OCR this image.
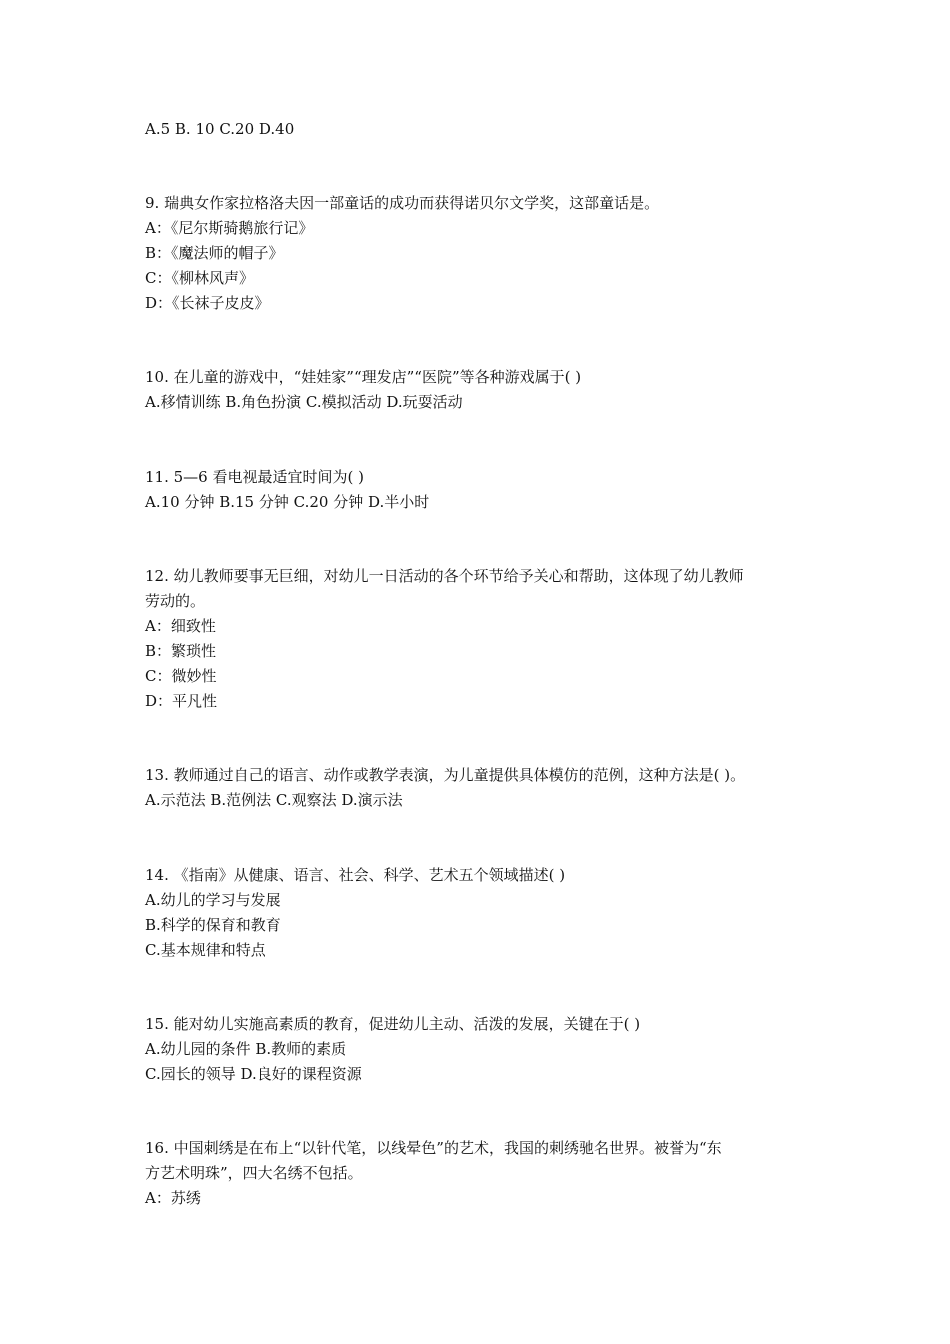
A.5 B. 10 C.20 D.40
9. 瑞典女作家拉格洛夫因一部童话的成功而获得诺贝尔文学奖，这部童话是。
A：《尼尔斯骑鹅旅行记》
B：《魔法师的帽子》
C：《柳林风声》
D：《长袜子皮皮》
10. 在儿童的游戏中，“娃娃家”“理发店”“医院”等各种游戏属于( )
A.移情训练 B.角色扮演 C.模拟活动 D.玩耍活动
11. 5—6 看电视最适宜时间为( )
A.10 分钟 B.15 分钟 C.20 分钟 D.半小时
12. 幼儿教师要事无巨细，对幼儿一日活动的各个环节给予关心和帮助，这体现了幼儿教师
劳动的。
A：细致性
B：繁琐性
C：微妙性
D：平凡性
13. 教师通过自己的语言、动作或教学表演，为儿童提供具体模仿的范例，这种方法是( )。
A.示范法 B.范例法 C.观察法 D.演示法
14. 《指南》从健康、语言、社会、科学、艺术五个领域描述( )
A.幼儿的学习与发展
B.科学的保育和教育
C.基本规律和特点
15. 能对幼儿实施高素质的教育，促进幼儿主动、活泼的发展，关键在于( )
A.幼儿园的条件 B.教师的素质
C.园长的领导 D.良好的课程资源
16. 中国刺绣是在布上“以针代笔，以线晕色”的艺术，我国的刺绣驰名世界。被誉为“东
方艺术明珠”，四大名绣不包括。
A：苏绣
